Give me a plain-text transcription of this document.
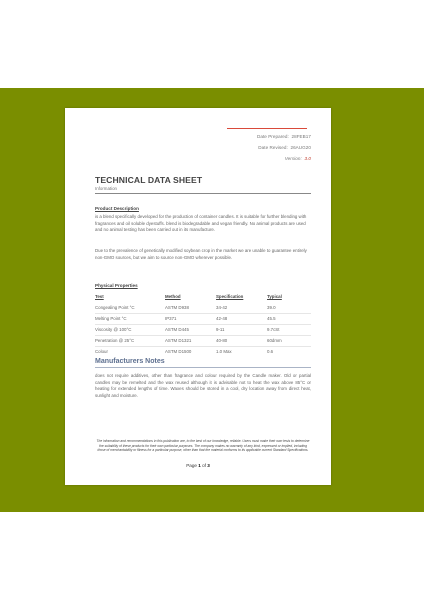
Date Prepared: 28FEB17
Date Revised: 26AUG20
Version: 3.0
TECHNICAL DATA SHEET
Information
Product Description
is a blend specifically developed for the production of container candles. It is suitable for further blending with fragrances and oil soluble dyestuffs. blend is biodegradable and vegan friendly. No animal products are used and no animal testing has been carried out in its manufacture.
Due to the prevalence of genetically modified soybean crop in the market we are unable to guarantee entirely non-GMO sources, but we aim to source non-GMO wherever possible.
Physical Properties
Test	Method	Specification	Typical
Congealing Point °C	ASTM D938	34-42	39.0
Melting Point °C	IP371	42-48	45.5
Viscosity @ 100°C	ASTM D445	9-11	9.7cSt
Penetration @ 25°C	ASTM D1321	40-80	60dmm
Colour	ASTM D1500	1.0 Max	0.6
Manufacturers Notes
does not require additives, other than fragrance and colour required by the Candle maker. Old or partial candles may be remelted and the wax reused although it is advisable not to heat the wax above 85°C or heating for extended lengths of time. Waxes should be stored in a cool, dry location away from direct heat, sunlight and moisture.
The information and recommendations in this publication are, to the best of our knowledge, reliable. Users must make their own tests to determine the suitability of these products for their own particular purposes. The company makes no warranty of any kind, expressed or implied, including those of merchantability or fitness for a particular purpose, other than that the material conforms to its applicable current Standard Specifications.
Page 1 of 3
